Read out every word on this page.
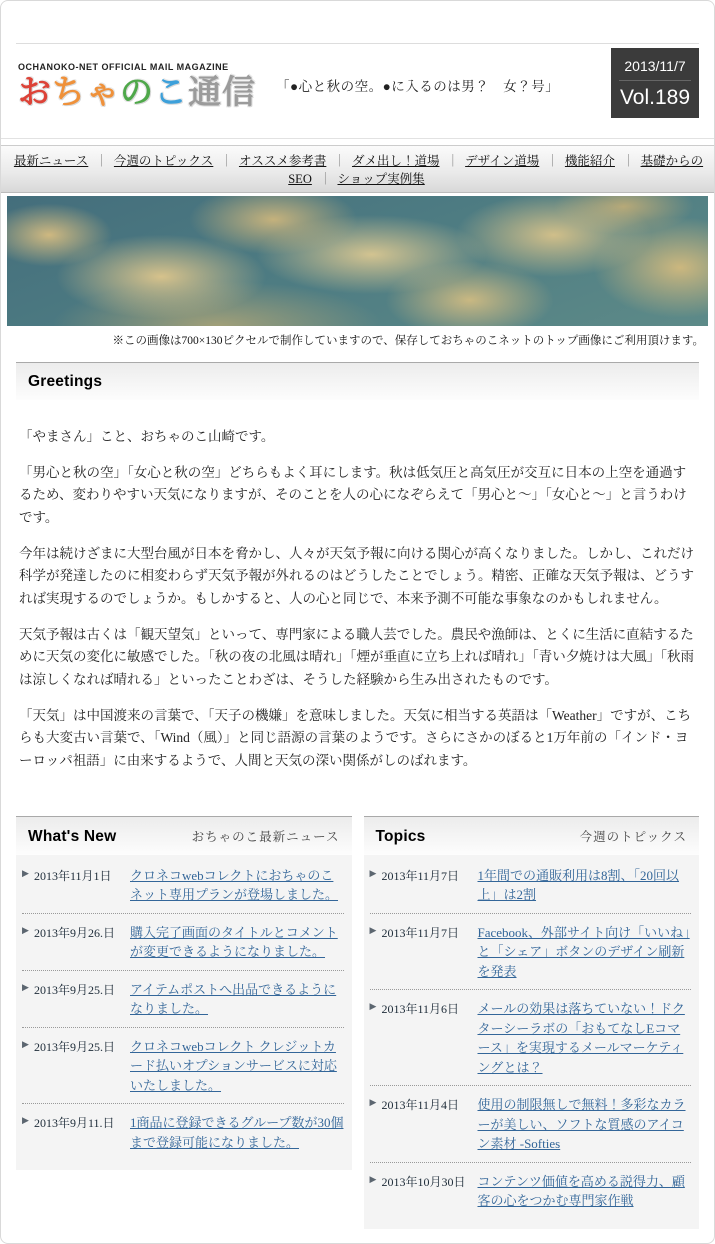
OCHANOKO-NET OFFICIAL MAIL MAGAZINE
おちゃのこ通信	「●心と秋の空。●に入るのは男？　女？号」
2013/11/7
Vol.189
最新ニュース ｜ 今週のトピックス ｜ オススメ参考書 ｜ ダメ出し！道場 ｜ デザイン道場 ｜ 機能紹介 ｜ 基礎からのSEO ｜ ショップ実例集
※この画像は700×130ピクセルで制作していますので、保存しておちゃのこネットのトップ画像にご利用頂けます。
Greetings

「やまさん」こと、おちゃのこ山崎です。

「男心と秋の空」「女心と秋の空」どちらもよく耳にします。秋は低気圧と高気圧が交互に日本の上空を通過するため、変わりやすい天気になりますが、そのことを人の心になぞらえて「男心と～」「女心と～」と言うわけです。

今年は続けざまに大型台風が日本を脅かし、人々が天気予報に向ける関心が高くなりました。しかし、これだけ科学が発達したのに相変わらず天気予報が外れるのはどうしたことでしょう。精密、正確な天気予報は、どうすれば実現するのでしょうか。もしかすると、人の心と同じで、本来予測不可能な事象なのかもしれません。

天気予報は古くは「観天望気」といって、専門家による職人芸でした。農民や漁師は、とくに生活に直結するために天気の変化に敏感でした。「秋の夜の北風は晴れ」「煙が垂直に立ち上れば晴れ」「青い夕焼けは大風」「秋雨は涼しくなれば晴れる」といったことわざは、そうした経験から生み出されたものです。

「天気」は中国渡来の言葉で、「天子の機嫌」を意味しました。天気に相当する英語は「Weather」ですが、こちらも大変古い言葉で、「Wind（風）」と同じ語源の言葉のようです。さらにさかのぼると1万年前の「インド・ヨーロッパ祖語」に由来するようで、人間と天気の深い関係がしのばれます。

What's New	おちゃのこ最新ニュース
▶ 2013年11月1日	クロネコwebコレクトにおちゃのこネット専用プランが登場しました。
▶ 2013年9月26.日	購入完了画面のタイトルとコメントが変更できるようになりました。
▶ 2013年9月25.日	アイテムポストへ出品できるようになりました。
▶ 2013年9月25.日	クロネコwebコレクト クレジットカード払いオプションサービスに対応いたしました。
▶ 2013年9月11.日	1商品に登録できるグループ数が30個まで登録可能になりました。
Topics	今週のトピックス
▶ 2013年11月7日	1年間での通販利用は8割、「20回以上」は2割
▶ 2013年11月7日	Facebook、外部サイト向け「いいね」と「シェア」ボタンのデザイン刷新を発表
▶ 2013年11月6日	メールの効果は落ちていない！ドクターシーラボの「おもてなしEコマース」を実現するメールマーケティングとは？
▶ 2013年11月4日	使用の制限無しで無料！多彩なカラーが美しい、ソフトな質感のアイコン素材 -Softies
▶ 2013年10月30日 コンテンツ価値を高める説得力、顧客の心をつかむ専門家作戦
